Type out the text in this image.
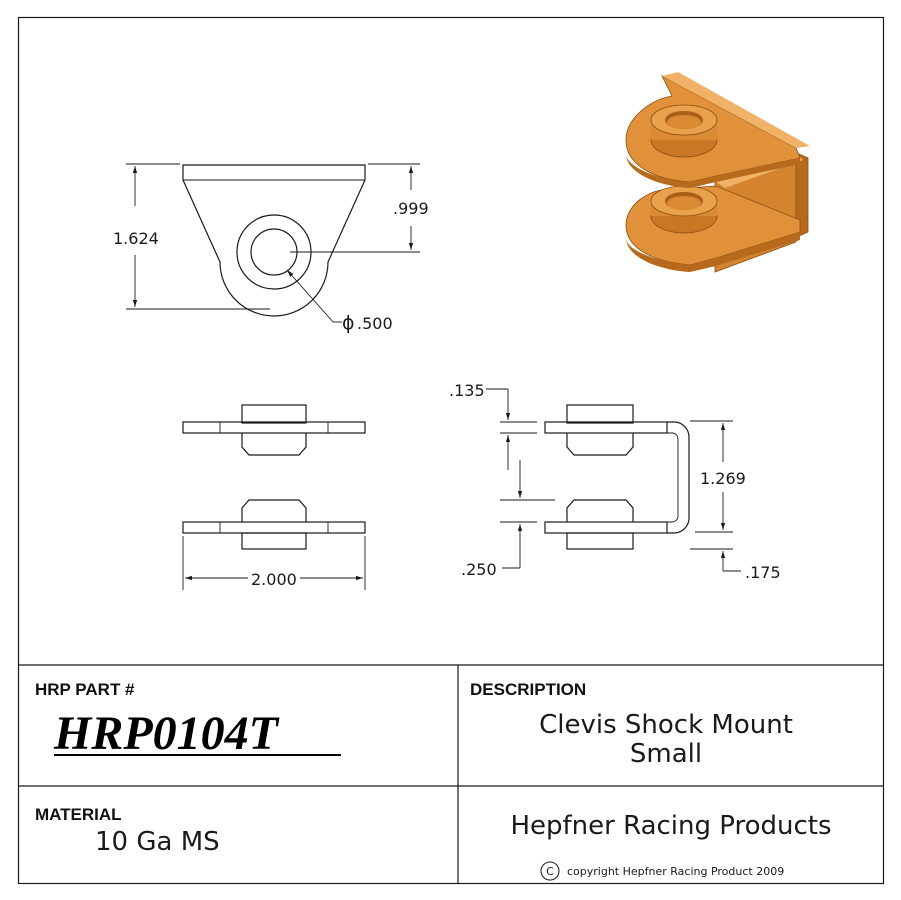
1.624
.999
ϕ .500
2.000
.135
.250
1.269
.175
HRP PART #
HRP0104T
DESCRIPTION
Clevis Shock Mount
Small
MATERIAL
10 Ga MS
Hepfner Racing Products
C copyright Hepfner Racing Product 2009
